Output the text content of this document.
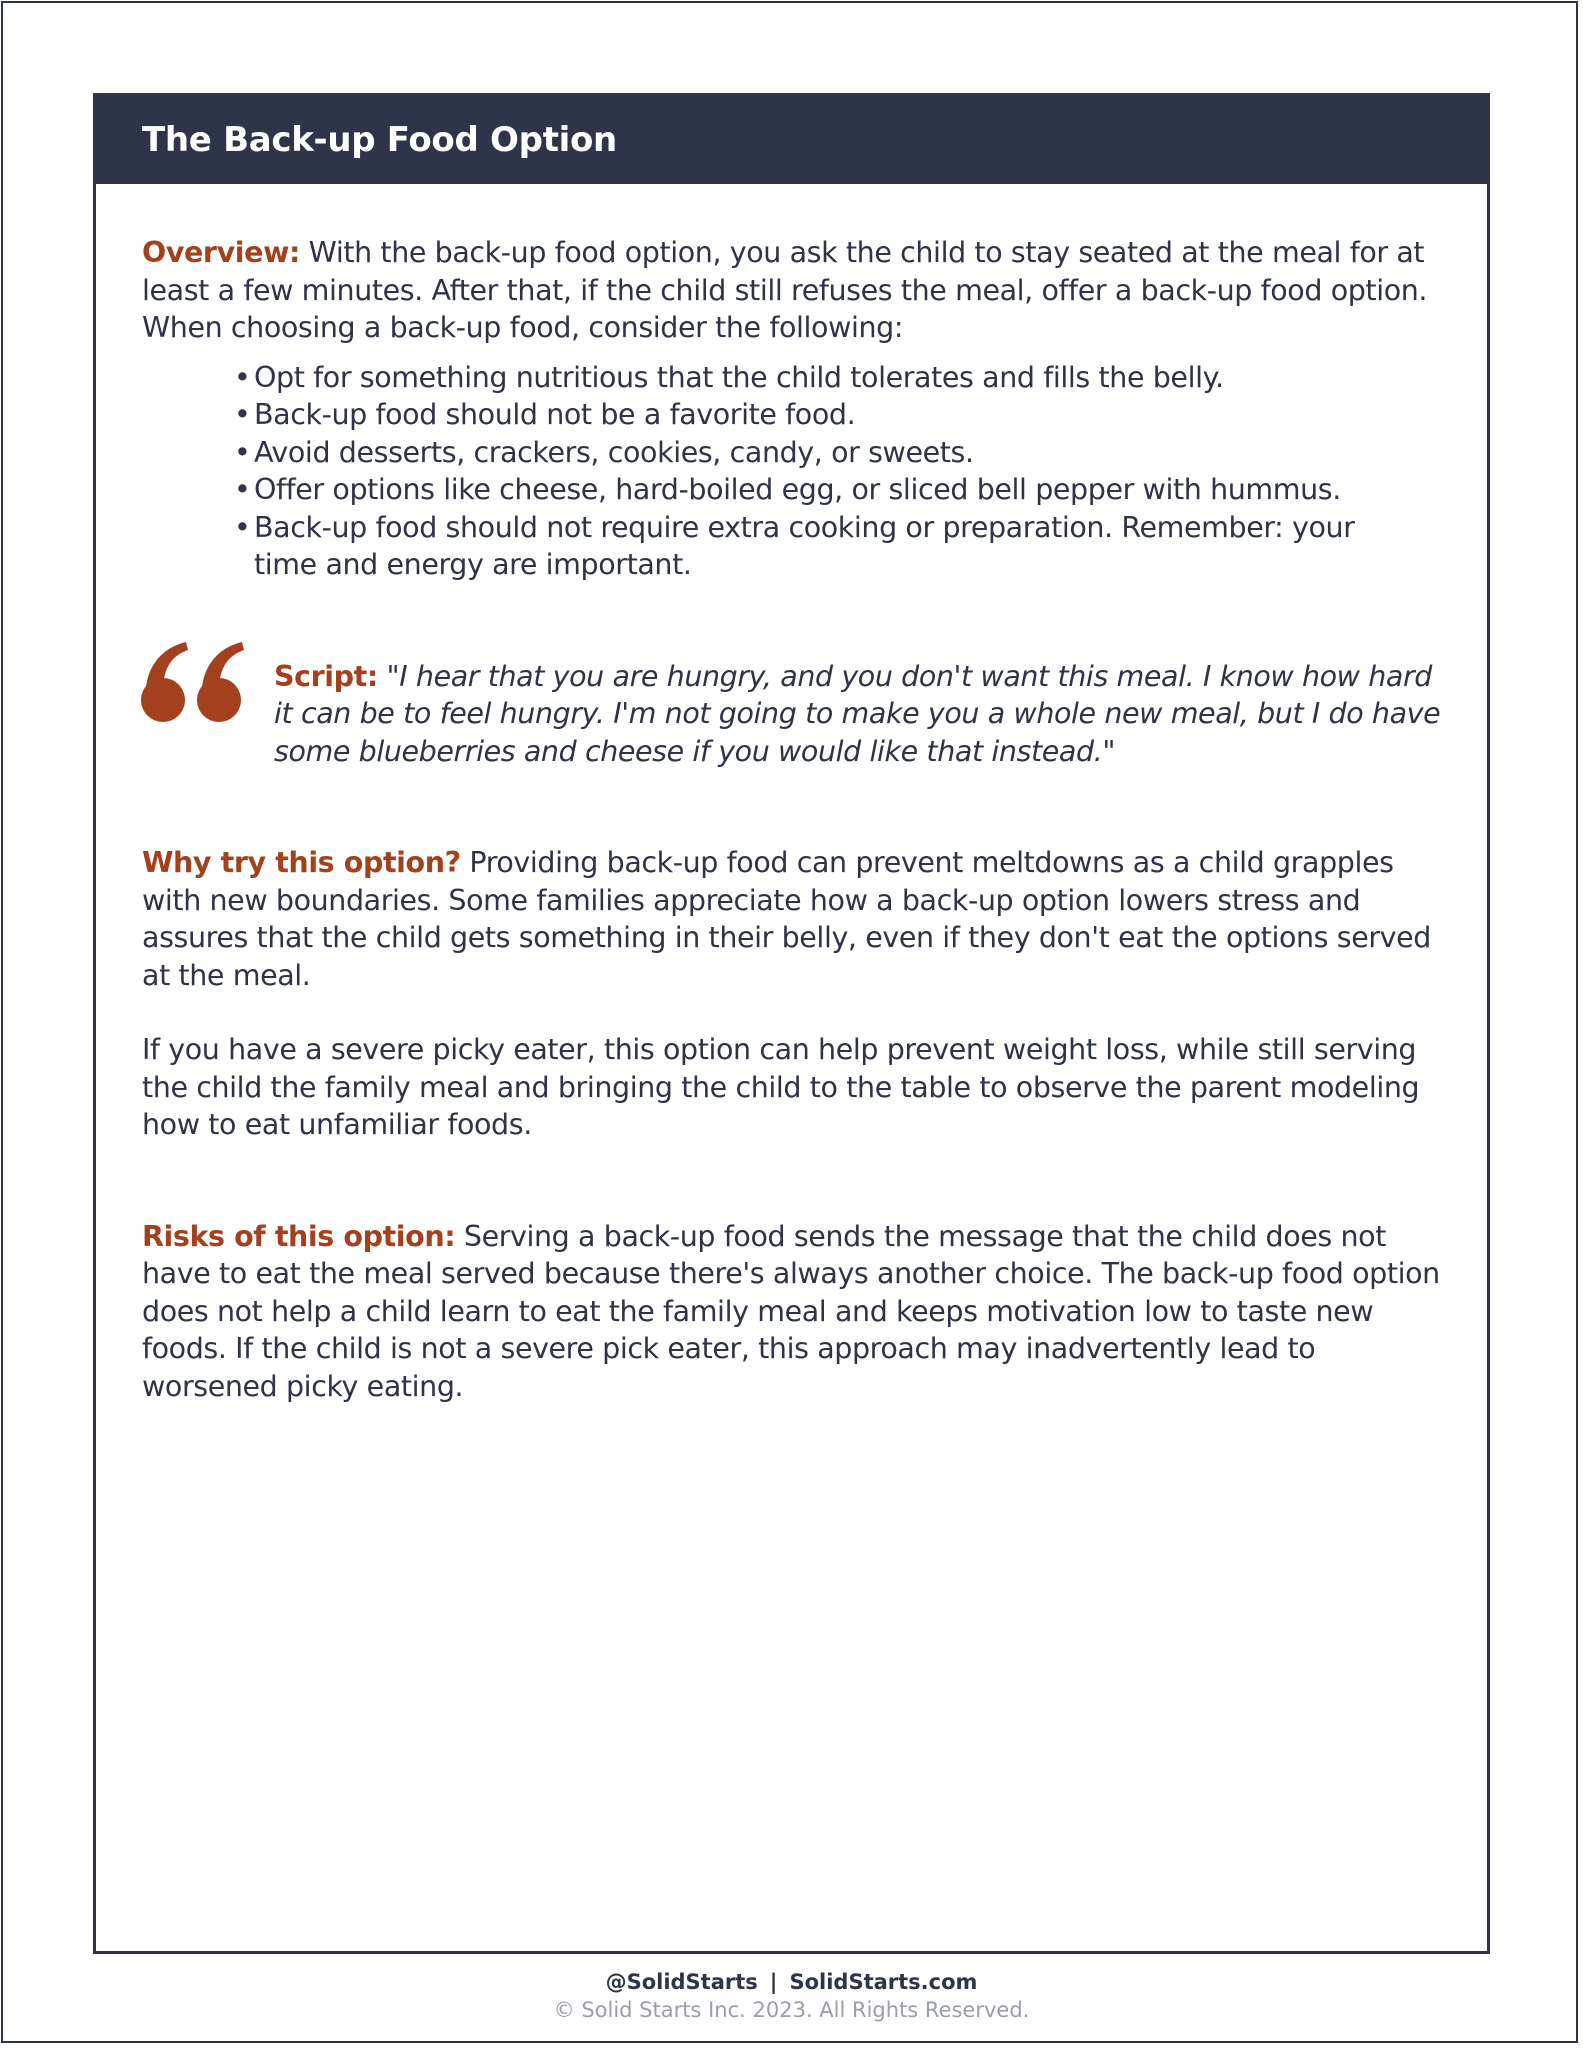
The Back-up Food Option

Overview: With the back-up food option, you ask the child to stay seated at the meal for at least a few minutes. After that, if the child still refuses the meal, offer a back-up food option. When choosing a back-up food, consider the following:

• Opt for something nutritious that the child tolerates and fills the belly.
• Back-up food should not be a favorite food.
• Avoid desserts, crackers, cookies, candy, or sweets.
• Offer options like cheese, hard-boiled egg, or sliced bell pepper with hummus.
• Back-up food should not require extra cooking or preparation. Remember: your time and energy are important.

Script: "I hear that you are hungry, and you don't want this meal. I know how hard it can be to feel hungry. I'm not going to make you a whole new meal, but I do have some blueberries and cheese if you would like that instead."

Why try this option? Providing back-up food can prevent meltdowns as a child grapples with new boundaries. Some families appreciate how a back-up option lowers stress and assures that the child gets something in their belly, even if they don't eat the options served at the meal.

If you have a severe picky eater, this option can help prevent weight loss, while still serving the child the family meal and bringing the child to the table to observe the parent modeling how to eat unfamiliar foods.

Risks of this option: Serving a back-up food sends the message that the child does not have to eat the meal served because there's always another choice. The back-up food option does not help a child learn to eat the family meal and keeps motivation low to taste new foods. If the child is not a severe pick eater, this approach may inadvertently lead to worsened picky eating.

@SolidStarts | SolidStarts.com
© Solid Starts Inc. 2023. All Rights Reserved.
